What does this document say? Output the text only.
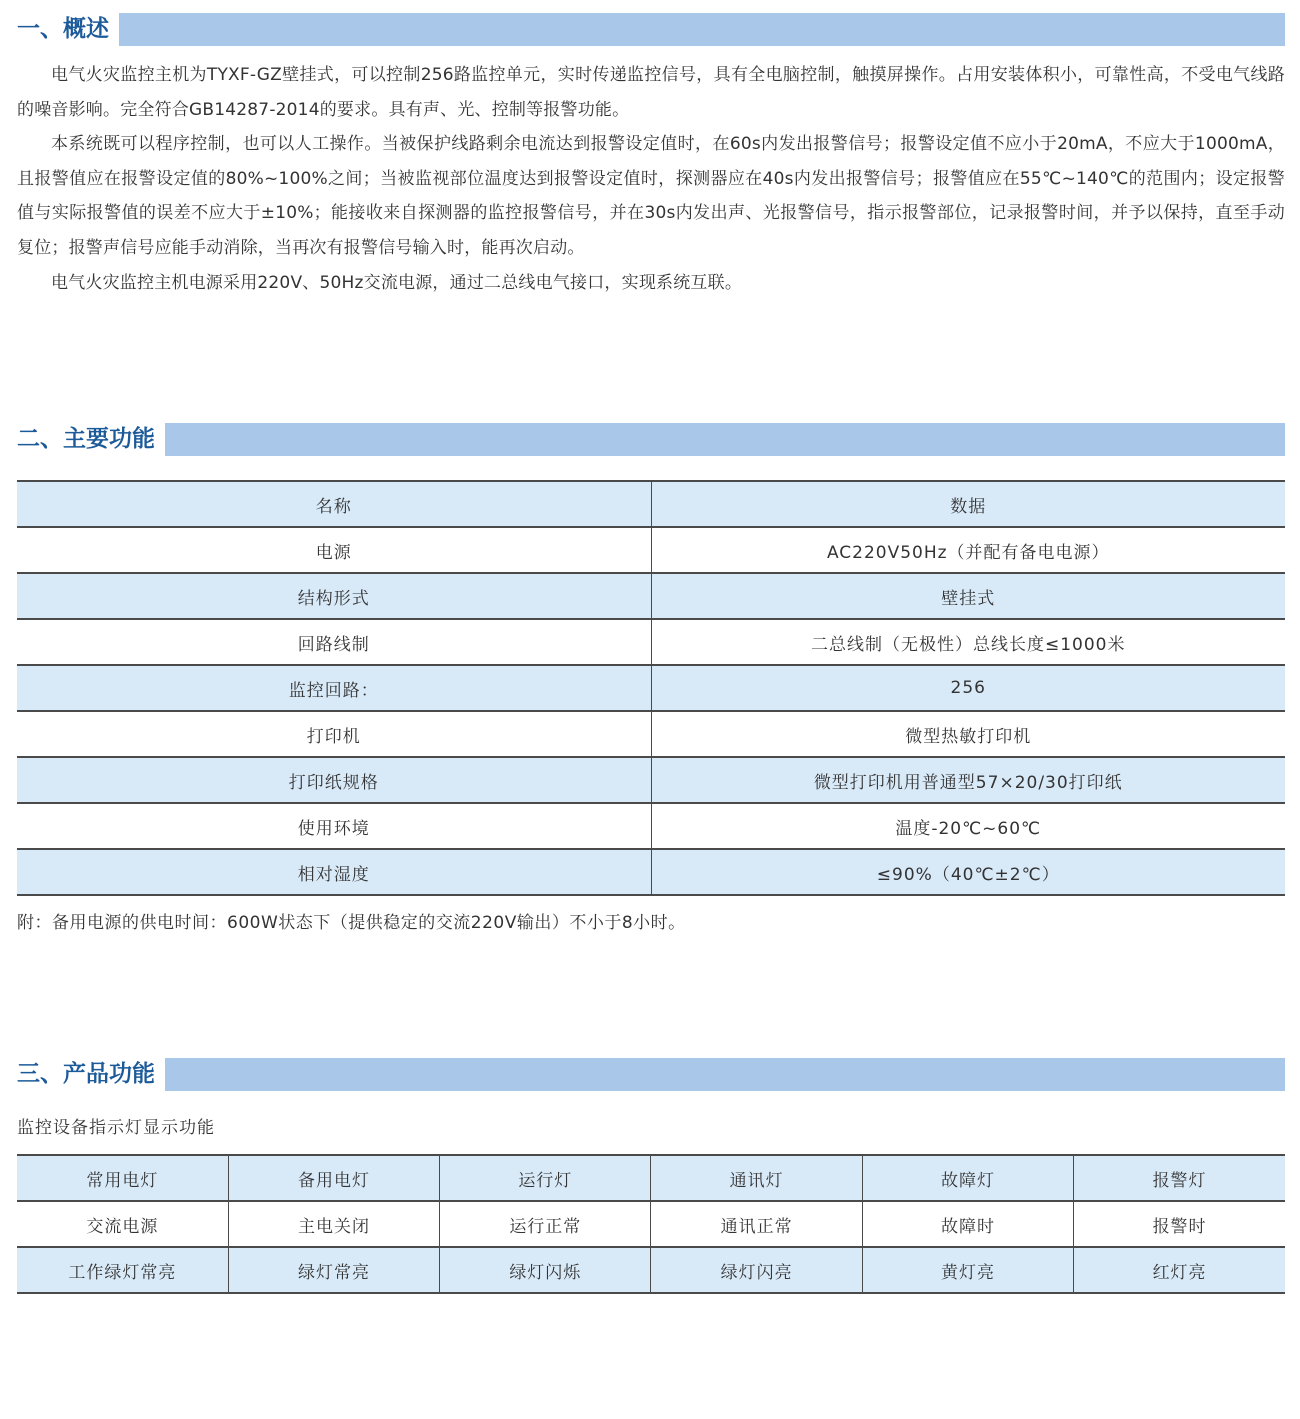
一、概述

电气火灾监控主机为TYXF-GZ壁挂式，可以控制256路监控单元，实时传递监控信号，具有全电脑控制，触摸屏操作。占用安装体积小，可靠性高，不受电气线路的噪音影响。完全符合GB14287-2014的要求。具有声、光、控制等报警功能。

本系统既可以程序控制，也可以人工操作。当被保护线路剩余电流达到报警设定值时，在60s内发出报警信号；报警设定值不应小于20mA，不应大于1000mA，且报警值应在报警设定值的80%~100%之间；当被监视部位温度达到报警设定值时，探测器应在40s内发出报警信号；报警值应在55℃~140℃的范围内；设定报警值与实际报警值的误差不应大于±10%；能接收来自探测器的监控报警信号，并在30s内发出声、光报警信号，指示报警部位，记录报警时间，并予以保持，直至手动复位；报警声信号应能手动消除，当再次有报警信号输入时，能再次启动。

电气火灾监控主机电源采用220V、50Hz交流电源，通过二总线电气接口，实现系统互联。

二、主要功能
名称	数据
电源	AC220V50Hz（并配有备电电源）
结构形式	壁挂式
回路线制	二总线制（无极性）总线长度≤1000米
监控回路：	256
打印机	微型热敏打印机
打印纸规格	微型打印机用普通型57×20/30打印纸
使用环境	温度-20℃~60℃
相对湿度	≤90%（40℃±2℃）
附：备用电源的供电时间：600W状态下（提供稳定的交流220V输出）不小于8小时。
三、产品功能
监控设备指示灯显示功能
常用电灯	备用电灯	运行灯	通讯灯	故障灯	报警灯
交流电源	主电关闭	运行正常	通讯正常	故障时	报警时
工作绿灯常亮	绿灯常亮	绿灯闪烁	绿灯闪亮	黄灯亮	红灯亮
